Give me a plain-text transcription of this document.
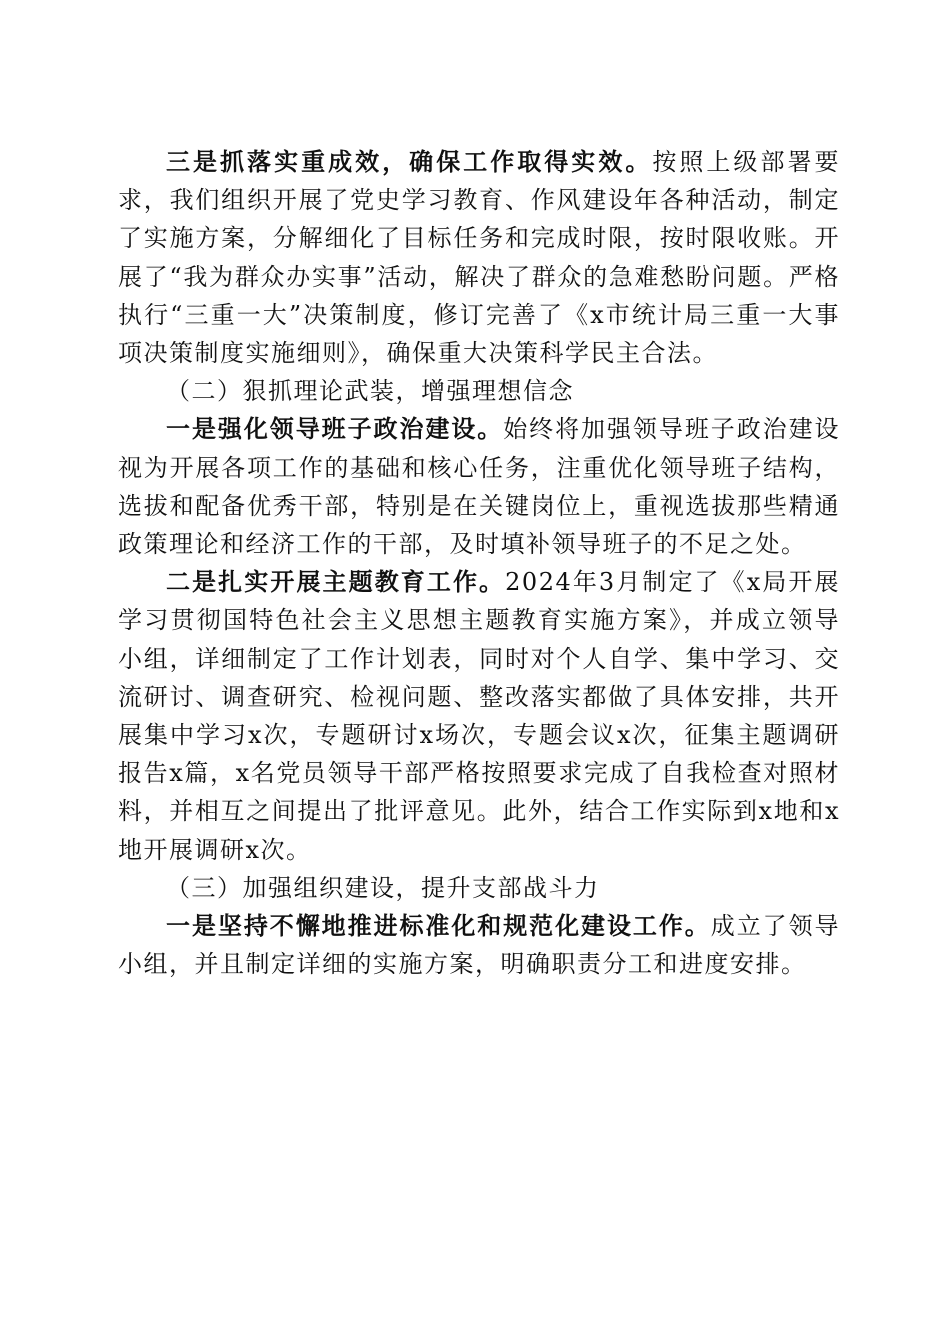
三是抓落实重成效，确保工作取得实效。按照上级部署要求，我们组织开展了党史学习教育、作风建设年各种活动，制定了实施方案，分解细化了目标任务和完成时限，按时限收账。开展了“我为群众办实事”活动，解决了群众的急难愁盼问题。严格执行“三重一大”决策制度，修订完善了《x市统计局三重一大事项决策制度实施细则》，确保重大决策科学民主合法。

（二）狠抓理论武装，增强理想信念

一是强化领导班子政治建设。始终将加强领导班子政治建设视为开展各项工作的基础和核心任务，注重优化领导班子结构，选拔和配备优秀干部，特别是在关键岗位上，重视选拔那些精通政策理论和经济工作的干部，及时填补领导班子的不足之处。

二是扎实开展主题教育工作。2024年3月制定了《x局开展学习贯彻国特色社会主义思想主题教育实施方案》，并成立领导小组，详细制定了工作计划表，同时对个人自学、集中学习、交流研讨、调查研究、检视问题、整改落实都做了具体安排，共开展集中学习x次，专题研讨x场次，专题会议x次，征集主题调研报告x篇，x名党员领导干部严格按照要求完成了自我检查对照材料，并相互之间提出了批评意见。此外，结合工作实际到x地和x地开展调研x次。

（三）加强组织建设，提升支部战斗力

一是坚持不懈地推进标准化和规范化建设工作。成立了领导小组，并且制定详细的实施方案，明确职责分工和进度安排。
